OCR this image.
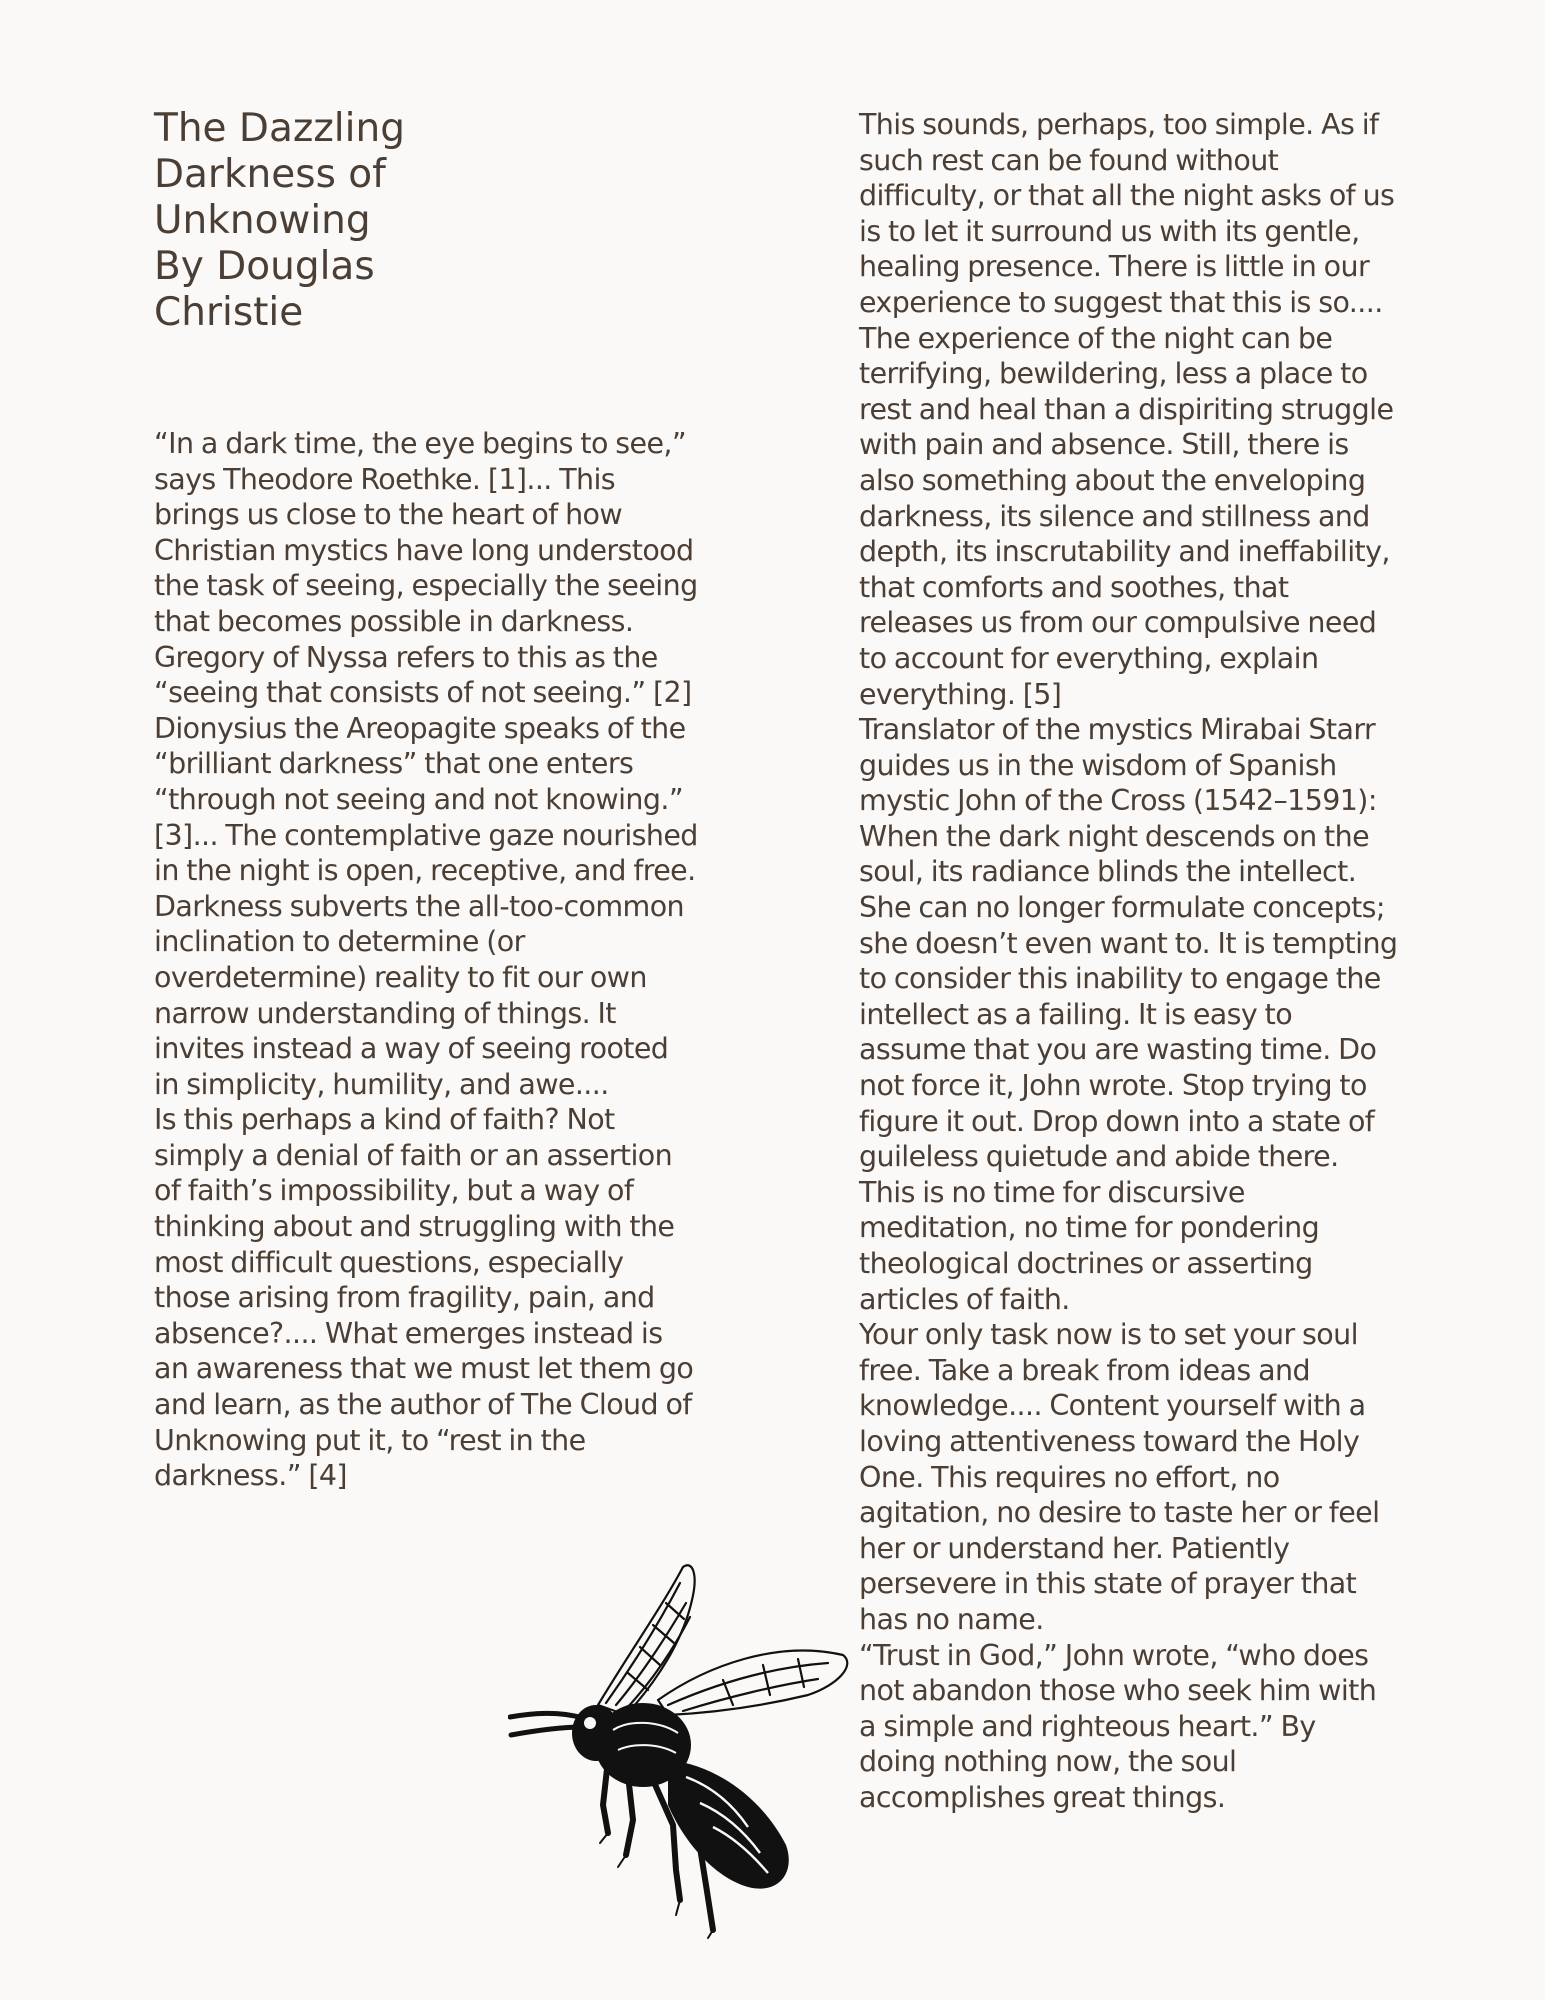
The Dazzling
Darkness of
Unknowing
By Douglas
Christie

“In a dark time, the eye begins to see,” says Theodore Roethke. [1]... This brings us close to the heart of how Christian mystics have long understood the task of seeing, especially the seeing that becomes possible in darkness. Gregory of Nyssa refers to this as the “seeing that consists of not seeing.” [2] Dionysius the Areopagite speaks of the “brilliant darkness” that one enters “through not seeing and not knowing.” [3]... The contemplative gaze nourished in the night is open, receptive, and free. Darkness subverts the all-too-common inclination to determine (or overdetermine) reality to fit our own narrow understanding of things. It invites instead a way of seeing rooted in simplicity, humility, and awe....

Is this perhaps a kind of faith? Not simply a denial of faith or an assertion of faith’s impossibility, but a way of thinking about and struggling with the most difficult questions, especially those arising from fragility, pain, and absence?.... What emerges instead is an awareness that we must let them go and learn, as the author of The Cloud of Unknowing put it, to “rest in the darkness.” [4]

This sounds, perhaps, too simple. As if such rest can be found without difficulty, or that all the night asks of us is to let it surround us with its gentle, healing presence. There is little in our experience to suggest that this is so.... The experience of the night can be terrifying, bewildering, less a place to rest and heal than a dispiriting struggle with pain and absence. Still, there is also something about the enveloping darkness, its silence and stillness and depth, its inscrutability and ineffability, that comforts and soothes, that releases us from our compulsive need to account for everything, explain everything. [5]

Translator of the mystics Mirabai Starr guides us in the wisdom of Spanish mystic John of the Cross (1542–1591):

When the dark night descends on the soul, its radiance blinds the intellect. She can no longer formulate concepts; she doesn’t even want to. It is tempting to consider this inability to engage the intellect as a failing. It is easy to assume that you are wasting time. Do not force it, John wrote. Stop trying to figure it out. Drop down into a state of guileless quietude and abide there. This is no time for discursive meditation, no time for pondering theological doctrines or asserting articles of faith.

Your only task now is to set your soul free. Take a break from ideas and knowledge.... Content yourself with a loving attentiveness toward the Holy One. This requires no effort, no agitation, no desire to taste her or feel her or understand her. Patiently persevere in this state of prayer that has no name.

“Trust in God,” John wrote, “who does not abandon those who seek him with a simple and righteous heart.” By doing nothing now, the soul accomplishes great things.
